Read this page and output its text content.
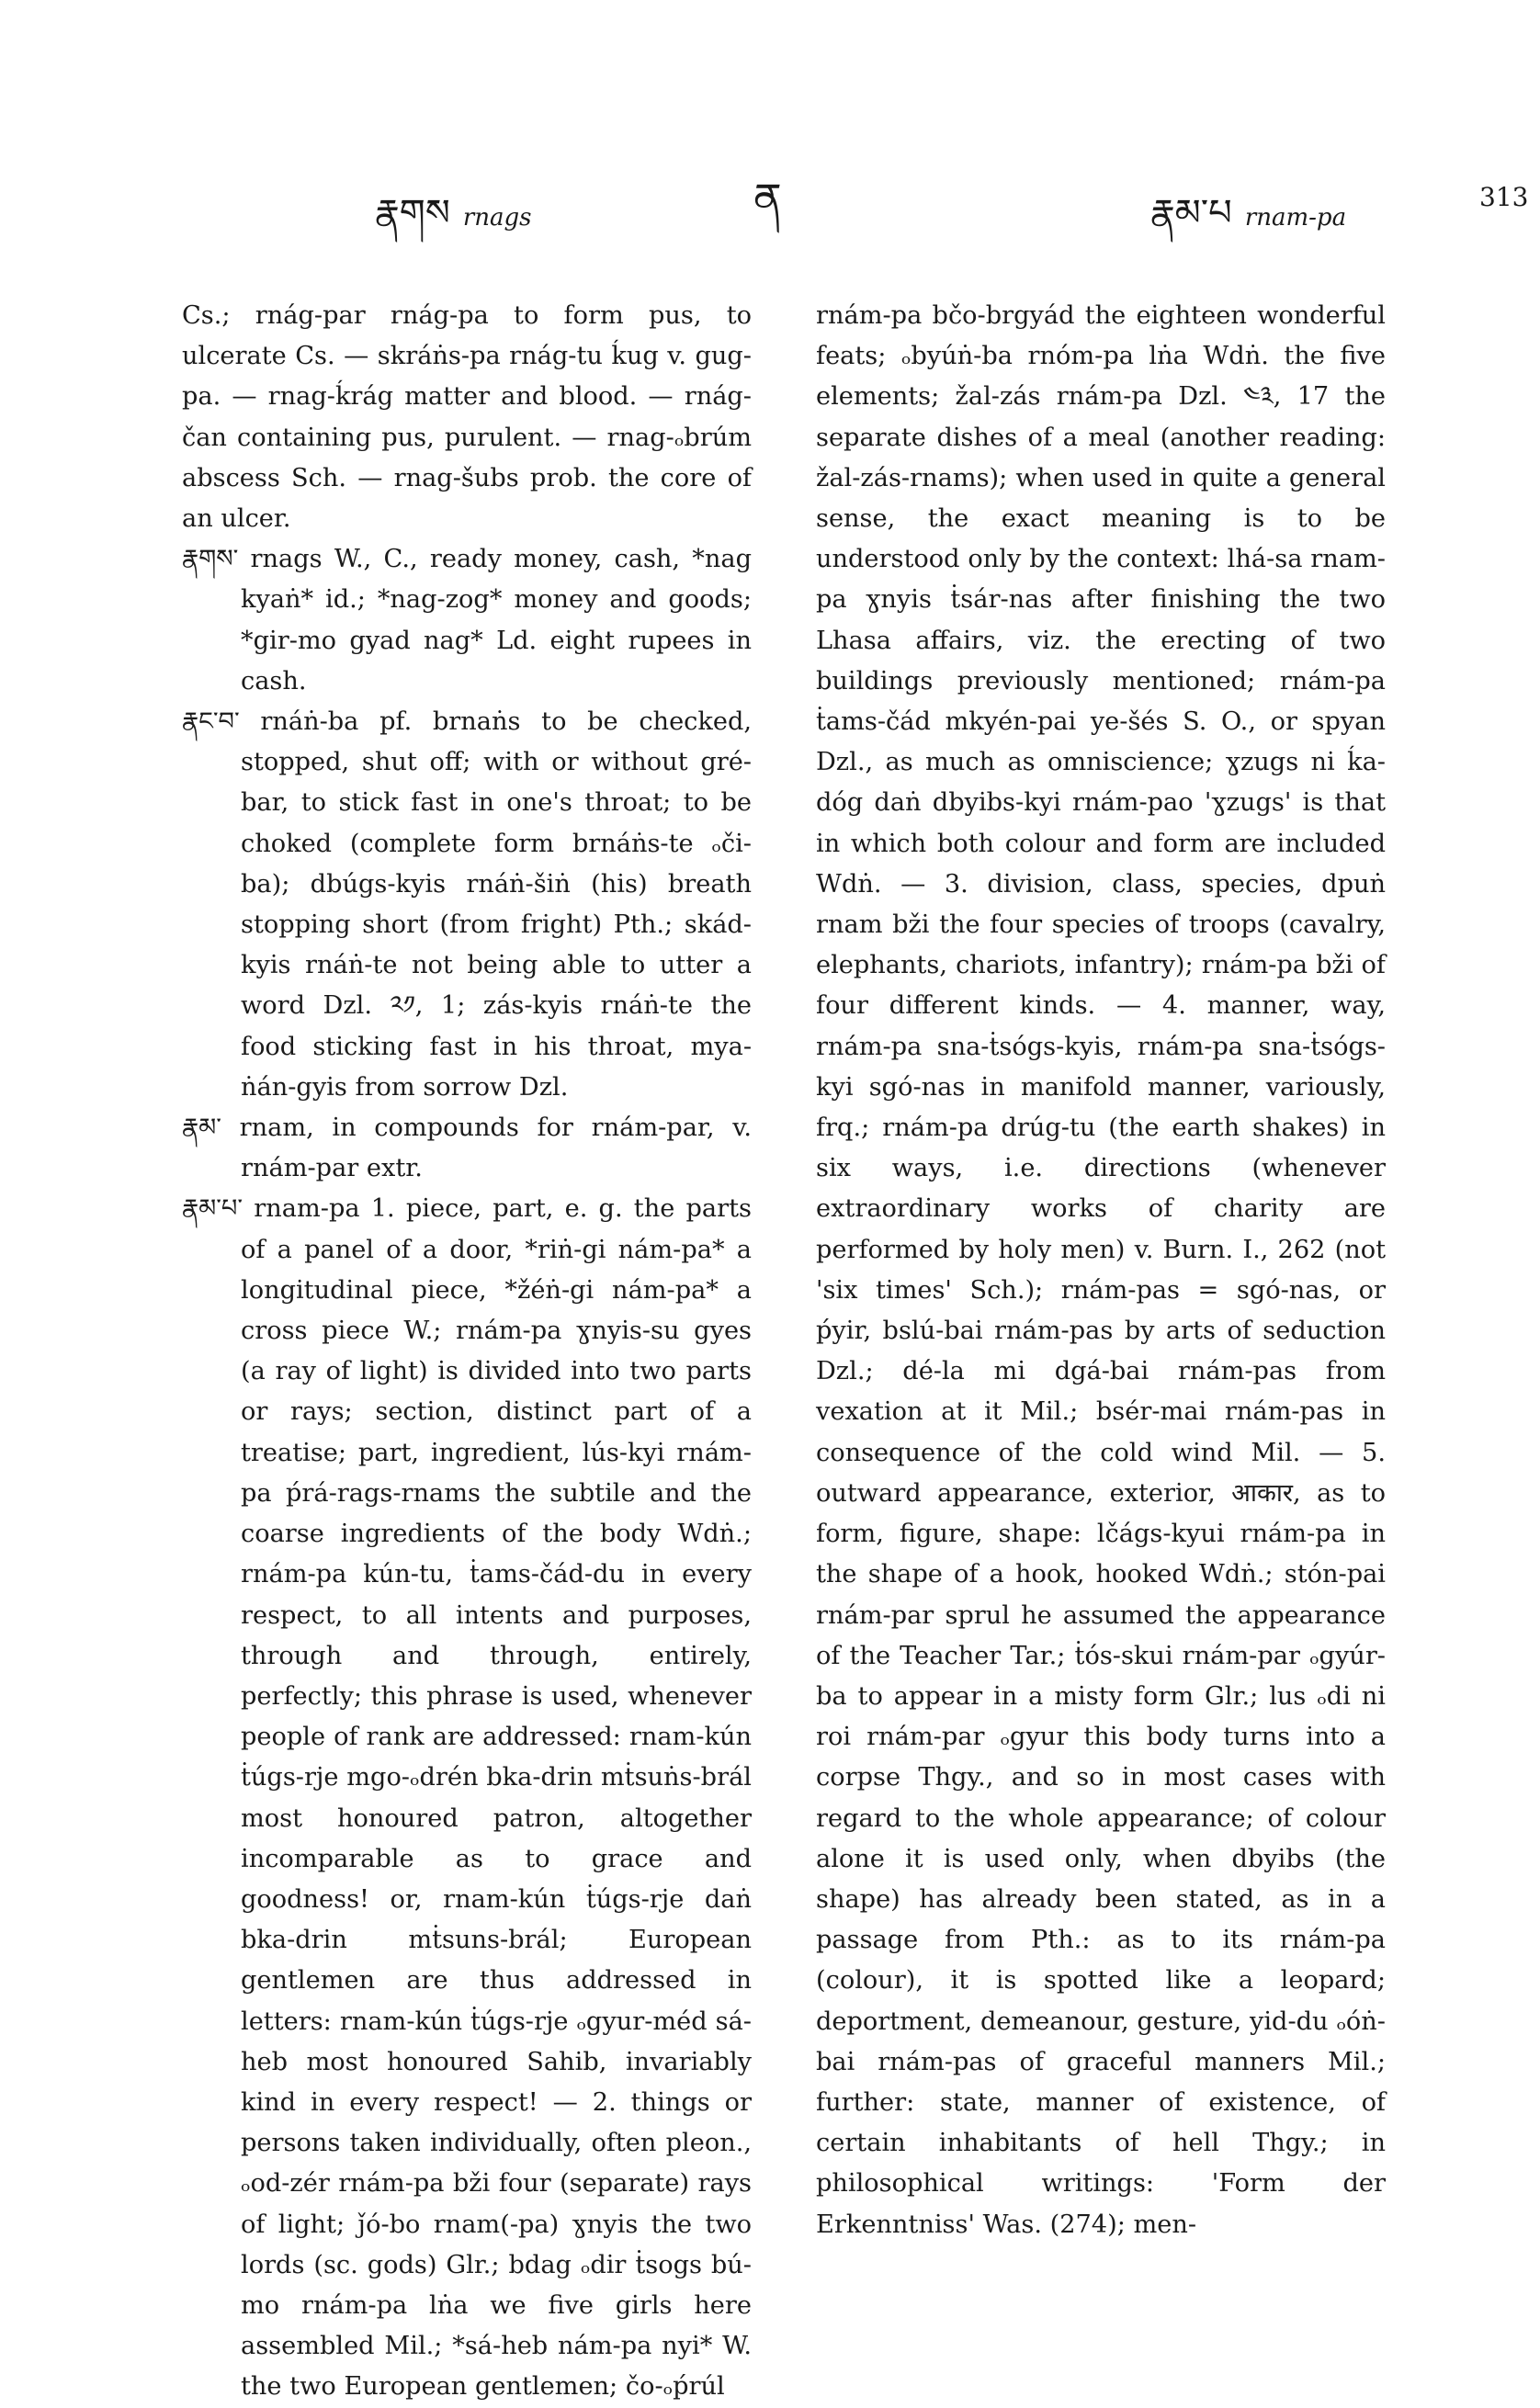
རྣགས rnags	ན	རྣམ་པ rnam-pa
313

Cs.; rnág-par rnág-pa to form pus, to ulcerate Cs. — skráṅs-pa rnág-tu ḱug v. gug-pa. — rnag-ḱrág matter and blood. — rnág-čan containing pus, purulent. — rnag-ₒbrúm abscess Sch. — rnag-šubs prob. the core of an ulcer.

རྣགས་ rnags W., C., ready money, cash, *nag kyaṅ* id.; *nag-zog* money and goods; *gir-mo gyad nag* Ld. eight rupees in cash.

རྣང་བ་ rnáṅ-ba pf. brnaṅs to be checked, stopped, shut off; with or without gré-bar, to stick fast in one's throat; to be choked (complete form brnáṅs-te ₒči-ba); dbúgs-kyis rnáṅ-šiṅ (his) breath stopping short (from fright) Pth.; skád-kyis rnáṅ-te not being able to utter a word Dzl. ༢༡, 1; zás-kyis rnáṅ-te the food sticking fast in his throat, mya-ṅán-gyis from sorrow Dzl.

རྣམ་ rnam, in compounds for rnám-par, v. rnám-par extr.

རྣམ་པ་ rnam-pa 1. piece, part, e. g. the parts of a panel of a door, *riṅ-gi nám-pa* a longitudinal piece, *žéṅ-gi nám-pa* a cross piece W.; rnám-pa ɣnyis-su gyes (a ray of light) is divided into two parts or rays; section, distinct part of a treatise; part, ingredient, lús-kyi rnám-pa ṕrá-rags-rnams the subtile and the coarse ingredients of the body Wdṅ.; rnám-pa kún-tu, ṫams-čád-du in every respect, to all intents and purposes, through and through, entirely, perfectly; this phrase is used, whenever people of rank are addressed: rnam-kún ṫúgs-rje mgo-ₒdrén bka-drin mṫsuṅs-brál most honoured patron, altogether incomparable as to grace and goodness! or, rnam-kún ṫúgs-rje daṅ bka-drin mṫsuns-brál; European gentlemen are thus addressed in letters: rnam-kún ṫúgs-rje ₒgyur-méd sá-heb most honoured Sahib, invariably kind in every respect! — 2. things or persons taken individually, often pleon., ₒod-zér rnám-pa bži four (separate) rays of light; ǰó-bo rnam(-pa) ɣnyis the two lords (sc. gods) Glr.; bdag ₒdir ṫsogs bú-mo rnám-pa lṅa we five girls here assembled Mil.; *sá-heb nám-pa nyi* W. the two European gentlemen; čo-ₒṕrúl

rnám-pa bčo-brgyád the eighteen wonderful feats; ₒbyúṅ-ba rnóm-pa lṅa Wdṅ. the five elements; žal-zás rnám-pa Dzl. ༤༣, 17 the separate dishes of a meal (another reading: žal-zás-rnams); when used in quite a general sense, the exact meaning is to be understood only by the context: lhá-sa rnam-pa ɣnyis ṫsár-nas after finishing the two Lhasa affairs, viz. the erecting of two buildings previously mentioned; rnám-pa ṫams-čád mkyén-pai ye-šés S. O., or spyan Dzl., as much as omniscience; ɣzugs ni ḱa-dóg daṅ dbyibs-kyi rnám-pao 'ɣzugs' is that in which both colour and form are included Wdṅ. — 3. division, class, species, dpuṅ rnam bži the four species of troops (cavalry, elephants, chariots, infantry); rnám-pa bži of four different kinds. — 4. manner, way, rnám-pa sna-ṫsógs-kyis, rnám-pa sna-ṫsógs-kyi sgó-nas in manifold manner, variously, frq.; rnám-pa drúg-tu (the earth shakes) in six ways, i.e. directions (whenever extraordinary works of charity are performed by holy men) v. Burn. I., 262 (not 'six times' Sch.); rnám-pas = sgó-nas, or ṕyir, bslú-bai rnám-pas by arts of seduction Dzl.; dé-la mi dgá-bai rnám-pas from vexation at it Mil.; bsér-mai rnám-pas in consequence of the cold wind Mil. — 5. outward appearance, exterior, आकार, as to form, figure, shape: lčágs-kyui rnám-pa in the shape of a hook, hooked Wdṅ.; stón-pai rnám-par sprul he assumed the appearance of the Teacher Tar.; ṫós-skui rnám-par ₒgyúr-ba to appear in a misty form Glr.; lus ₒdi ni roi rnám-par ₒgyur this body turns into a corpse Thgy., and so in most cases with regard to the whole appearance; of colour alone it is used only, when dbyibs (the shape) has already been stated, as in a passage from Pth.: as to its rnám-pa (colour), it is spotted like a leopard; deportment, demeanour, gesture, yid-du ₒóṅ-bai rnám-pas of graceful manners Mil.; further: state, manner of existence, of certain inhabitants of hell Thgy.; in philosophical writings: 'Form der Erkenntniss' Was. (274); men-
